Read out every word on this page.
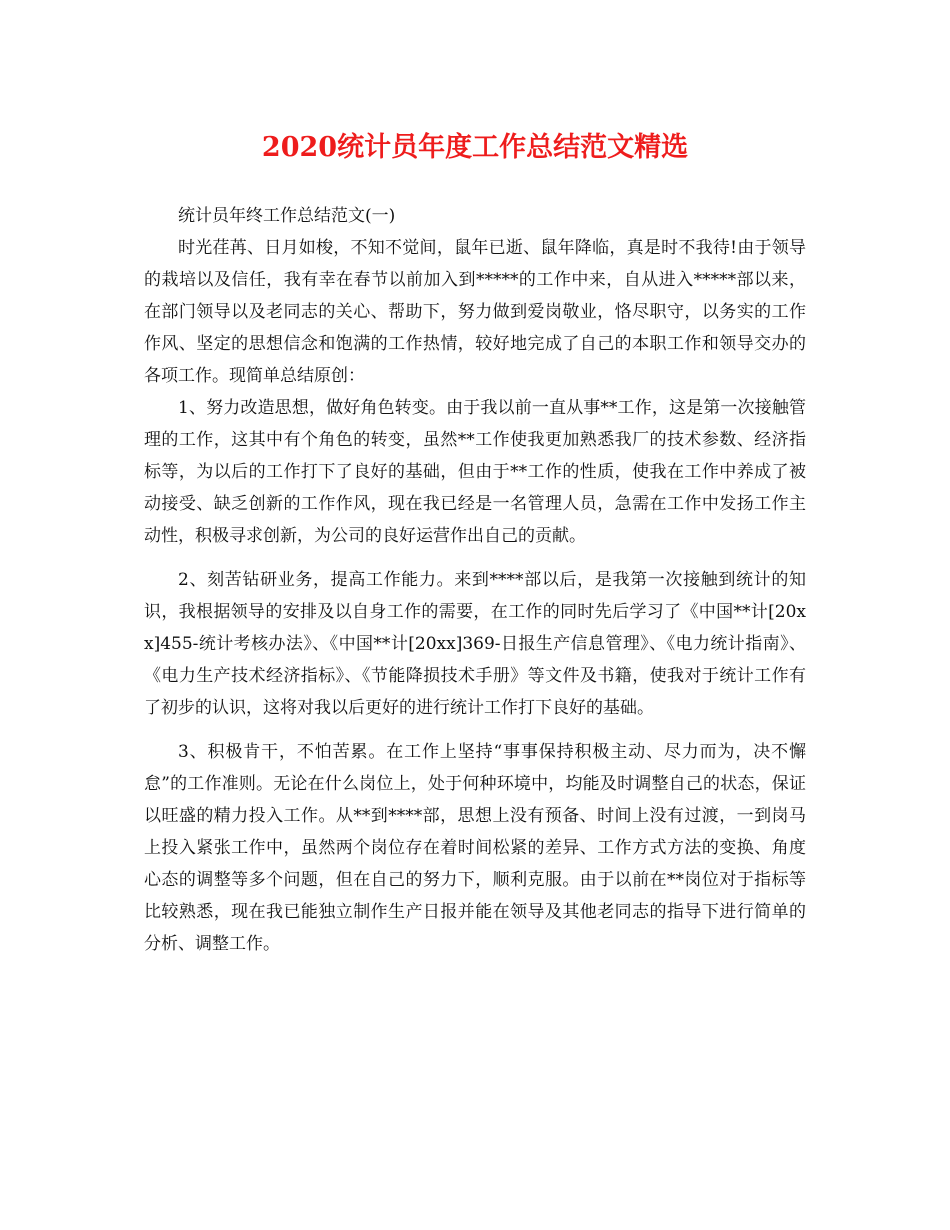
2020统计员年度工作总结范文精选

统计员年终工作总结范文(一)

时光荏苒、日月如梭，不知不觉间，鼠年已逝、鼠年降临，真是时不我待!由于领导的栽培以及信任，我有幸在春节以前加入到*****的工作中来，自从进入*****部以来，在部门领导以及老同志的关心、帮助下，努力做到爱岗敬业，恪尽职守，以务实的工作作风、坚定的思想信念和饱满的工作热情，较好地完成了自己的本职工作和领导交办的各项工作。现简单总结原创：

1、努力改造思想，做好角色转变。由于我以前一直从事**工作，这是第一次接触管理的工作，这其中有个角色的转变，虽然**工作使我更加熟悉我厂的技术参数、经济指标等，为以后的工作打下了良好的基础，但由于**工作的性质，使我在工作中养成了被动接受、缺乏创新的工作作风，现在我已经是一名管理人员，急需在工作中发扬工作主动性，积极寻求创新，为公司的良好运营作出自己的贡献。

2、刻苦钻研业务，提高工作能力。来到****部以后，是我第一次接触到统计的知识，我根据领导的安排及以自身工作的需要，在工作的同时先后学习了《中国**计[20xx]455-统计考核办法》、《中国**计[20xx]369-日报生产信息管理》、《电力统计指南》、《电力生产技术经济指标》、《节能降损技术手册》等文件及书籍，使我对于统计工作有了初步的认识，这将对我以后更好的进行统计工作打下良好的基础。

3、积极肯干，不怕苦累。在工作上坚持“事事保持积极主动、尽力而为，决不懈怠”的工作准则。无论在什么岗位上，处于何种环境中，均能及时调整自己的状态，保证以旺盛的精力投入工作。从**到****部，思想上没有预备、时间上没有过渡，一到岗马上投入紧张工作中，虽然两个岗位存在着时间松紧的差异、工作方式方法的变换、角度心态的调整等多个问题，但在自己的努力下，顺利克服。由于以前在**岗位对于指标等比较熟悉，现在我已能独立制作生产日报并能在领导及其他老同志的指导下进行简单的分析、调整工作。
